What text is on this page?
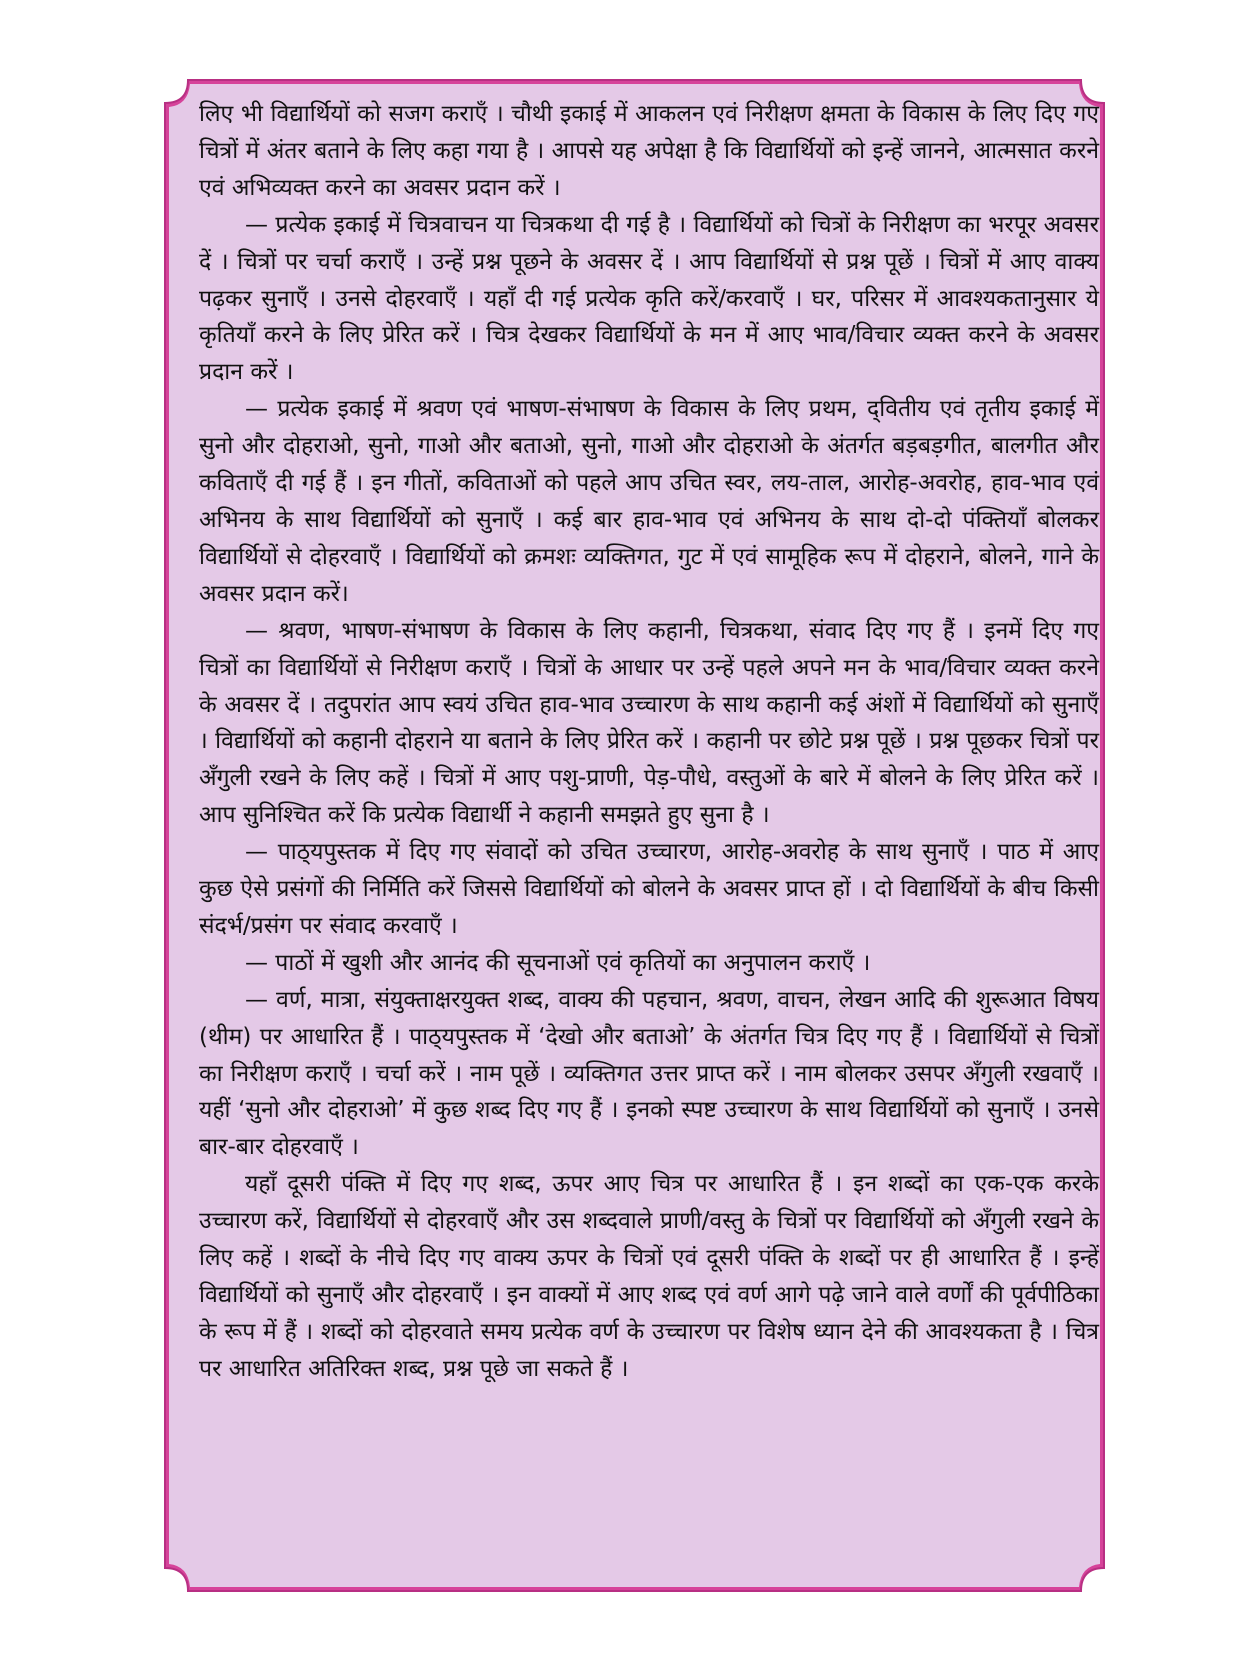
लिए भी विद्यार्थियों को सजग कराएँ । चौथी इकाई में आकलन एवं निरीक्षण क्षमता के विकास के लिए दिए गए चित्रों में अंतर बताने के लिए कहा गया है । आपसे यह अपेक्षा है कि विद्यार्थियों को इन्हें जानने, आत्मसात करने एवं अभिव्यक्त करने का अवसर प्रदान करें ।

— प्रत्येक इकाई में चित्रवाचन या चित्रकथा दी गई है । विद्यार्थियों को चित्रों के निरीक्षण का भरपूर अवसर दें । चित्रों पर चर्चा कराएँ । उन्हें प्रश्न पूछने के अवसर दें । आप विद्यार्थियों से प्रश्न पूछें । चित्रों में आए वाक्य पढ़कर सुनाएँ । उनसे दोहरवाएँ । यहाँ दी गई प्रत्येक कृति करें/करवाएँ । घर, परिसर में आवश्यकतानुसार ये कृतियाँ करने के लिए प्रेरित करें । चित्र देखकर विद्यार्थियों के मन में आए भाव/विचार व्यक्त करने के अवसर प्रदान करें ।

— प्रत्येक इकाई में श्रवण एवं भाषण-संभाषण के विकास के लिए प्रथम, द्‌वितीय एवं तृतीय इकाई में सुनो और दोहराओ, सुनो, गाओ और बताओ, सुनो, गाओ और दोहराओ के अंतर्गत बड़बड़गीत, बालगीत और कविताएँ दी गई हैं । इन गीतों, कविताओं को पहले आप उचित स्वर, लय-ताल, आरोह-अवरोह, हाव-भाव एवं अभिनय के साथ विद्यार्थियों को सुनाएँ । कई बार हाव-भाव एवं अभिनय के साथ दो-दो पंक्तियाँ बोलकर विद्यार्थियों से दोहरवाएँ । विद्यार्थियों को क्रमशः व्यक्तिगत, गुट में एवं सामूहिक रूप में दोहराने, बोलने, गाने के अवसर प्रदान करें।

— श्रवण, भाषण-संभाषण के विकास के लिए कहानी, चित्रकथा, संवाद दिए गए हैं । इनमें दिए गए चित्रों का विद्यार्थियों से निरीक्षण कराएँ । चित्रों के आधार पर उन्हें पहले अपने मन के भाव/विचार व्यक्त करने के अवसर दें । तदुपरांत आप स्वयं उचित हाव-भाव उच्चारण के साथ कहानी कई अंशों में विद्यार्थियों को सुनाएँ । विद्यार्थियों को कहानी दोहराने या बताने के लिए प्रेरित करें । कहानी पर छोटे प्रश्न पूछें । प्रश्न पूछकर चित्रों पर अँगुली रखने के लिए कहें । चित्रों में आए पशु-प्राणी, पेड़-पौधे, वस्तुओं के बारे में बोलने के लिए प्रेरित करें । आप सुनिश्चित करें कि प्रत्येक विद्यार्थी ने कहानी समझते हुए सुना है ।

— पाठ्‌यपुस्तक में दिए गए संवादों को उचित उच्चारण, आरोह-अवरोह के साथ सुनाएँ । पाठ में आए कुछ ऐसे प्रसंगों की निर्मिति करें जिससे विद्यार्थियों को बोलने के अवसर प्राप्त हों । दो विद्यार्थियों के बीच किसी संदर्भ/प्रसंग पर संवाद करवाएँ ।

— पाठों में खुशी और आनंद की सूचनाओं एवं कृतियों का अनुपालन कराएँ ।

— वर्ण, मात्रा, संयुक्ताक्षरयुक्त शब्द, वाक्य की पहचान, श्रवण, वाचन, लेखन आदि की शुरूआत विषय (थीम) पर आधारित हैं । पाठ्‌यपुस्तक में ‘देखो और बताओ’ के अंतर्गत चित्र दिए गए हैं । विद्यार्थियों से चित्रों का निरीक्षण कराएँ । चर्चा करें । नाम पूछें । व्यक्तिगत उत्तर प्राप्त करें । नाम बोलकर उसपर अँगुली रखवाएँ । यहीं ‘सुनो और दोहराओ’ में कुछ शब्द दिए गए हैं । इनको स्पष्ट उच्चारण के साथ विद्यार्थियों को सुनाएँ । उनसे बार-बार दोहरवाएँ ।

यहाँ दूसरी पंक्ति में दिए गए शब्द, ऊपर आए चित्र पर आधारित हैं । इन शब्दों का एक-एक करके उच्चारण करें, विद्यार्थियों से दोहरवाएँ और उस शब्दवाले प्राणी/वस्तु के चित्रों पर विद्यार्थियों को अँगुली रखने के लिए कहें । शब्दों के नीचे दिए गए वाक्य ऊपर के चित्रों एवं दूसरी पंक्ति के शब्दों पर ही आधारित हैं । इन्हें विद्यार्थियों को सुनाएँ और दोहरवाएँ । इन वाक्यों में आए शब्द एवं वर्ण आगे पढ़े जाने वाले वर्णों की पूर्वपीठिका के रूप में हैं । शब्दों को दोहरवाते समय प्रत्येक वर्ण के उच्चारण पर विशेष ध्यान देने की आवश्यकता है । चित्र पर आधारित अतिरिक्त शब्द, प्रश्न पूछे जा सकते हैं ।
